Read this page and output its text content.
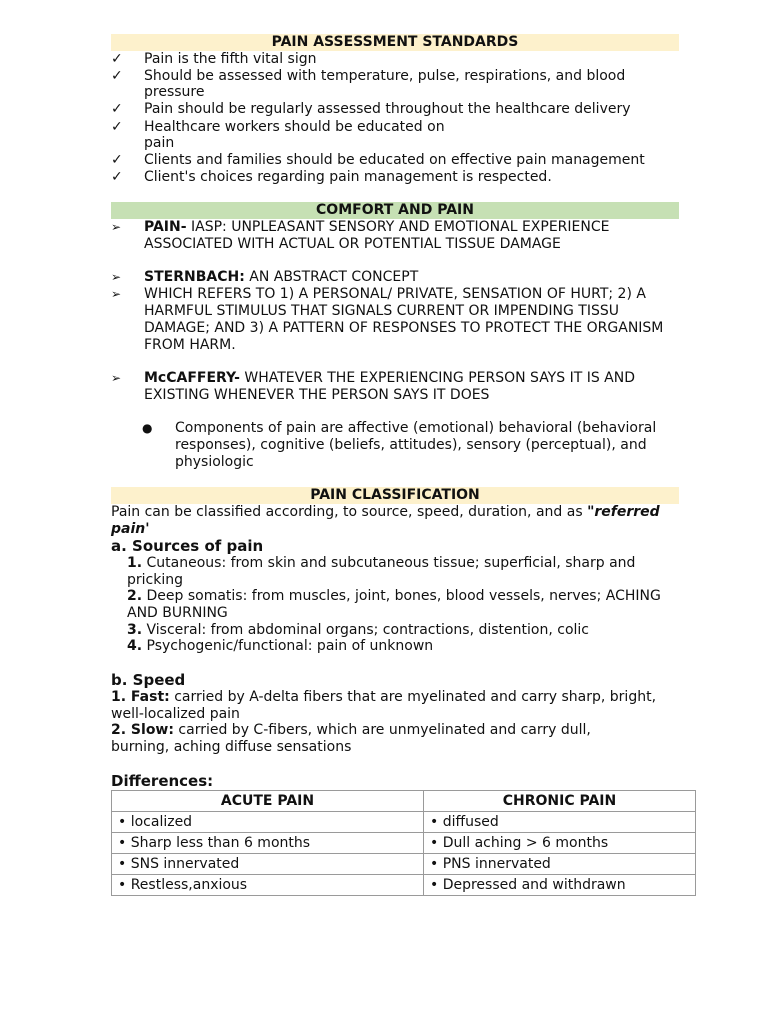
PAIN ASSESSMENT STANDARDS
✓	Pain is the fifth vital sign
✓	Should be assessed with temperature, pulse, respirations, and blood
pressure
✓	Pain should be regularly assessed throughout the healthcare delivery
✓	Healthcare workers should be educated on
pain
✓	Clients and families should be educated on effective pain management
✓	Client's choices regarding pain management is respected.
COMFORT AND PAIN
➢	PAIN- IASP: UNPLEASANT SENSORY AND EMOTIONAL EXPERIENCE
ASSOCIATED WITH ACTUAL OR POTENTIAL TISSUE DAMAGE
➢	STERNBACH: AN ABSTRACT CONCEPT
➢	WHICH REFERS TO 1) A PERSONAL/ PRIVATE, SENSATION OF HURT; 2) A
HARMFUL STIMULUS THAT SIGNALS CURRENT OR IMPENDING TISSU
DAMAGE; AND 3) A PATTERN OF RESPONSES TO PROTECT THE ORGANISM
FROM HARM.
➢	McCAFFERY- WHATEVER THE EXPERIENCING PERSON SAYS IT IS AND
EXISTING WHENEVER THE PERSON SAYS IT DOES
● Components of pain are affective (emotional) behavioral (behavioral
responses), cognitive (beliefs, attitudes), sensory (perceptual), and
physiologic
PAIN CLASSIFICATION
Pain can be classified according, to source, speed, duration, and as "referred
pain'
a. Sources of pain
1. Cutaneous: from skin and subcutaneous tissue; superficial, sharp and
pricking
2. Deep somatis: from muscles, joint, bones, blood vessels, nerves; ACHING
AND BURNING
3. Visceral: from abdominal organs; contractions, distention, colic
4. Psychogenic/functional: pain of unknown
b. Speed
1. Fast: carried by A-delta fibers that are myelinated and carry sharp, bright,
well-localized pain
2. Slow: carried by C-fibers, which are unmyelinated and carry dull,
burning, aching diffuse sensations
Differences:
ACUTE PAIN	CHRONIC PAIN
• localized	• diffused
• Sharp less than 6 months	• Dull aching > 6 months
• SNS innervated	• PNS innervated
• Restless,anxious	• Depressed and withdrawn
